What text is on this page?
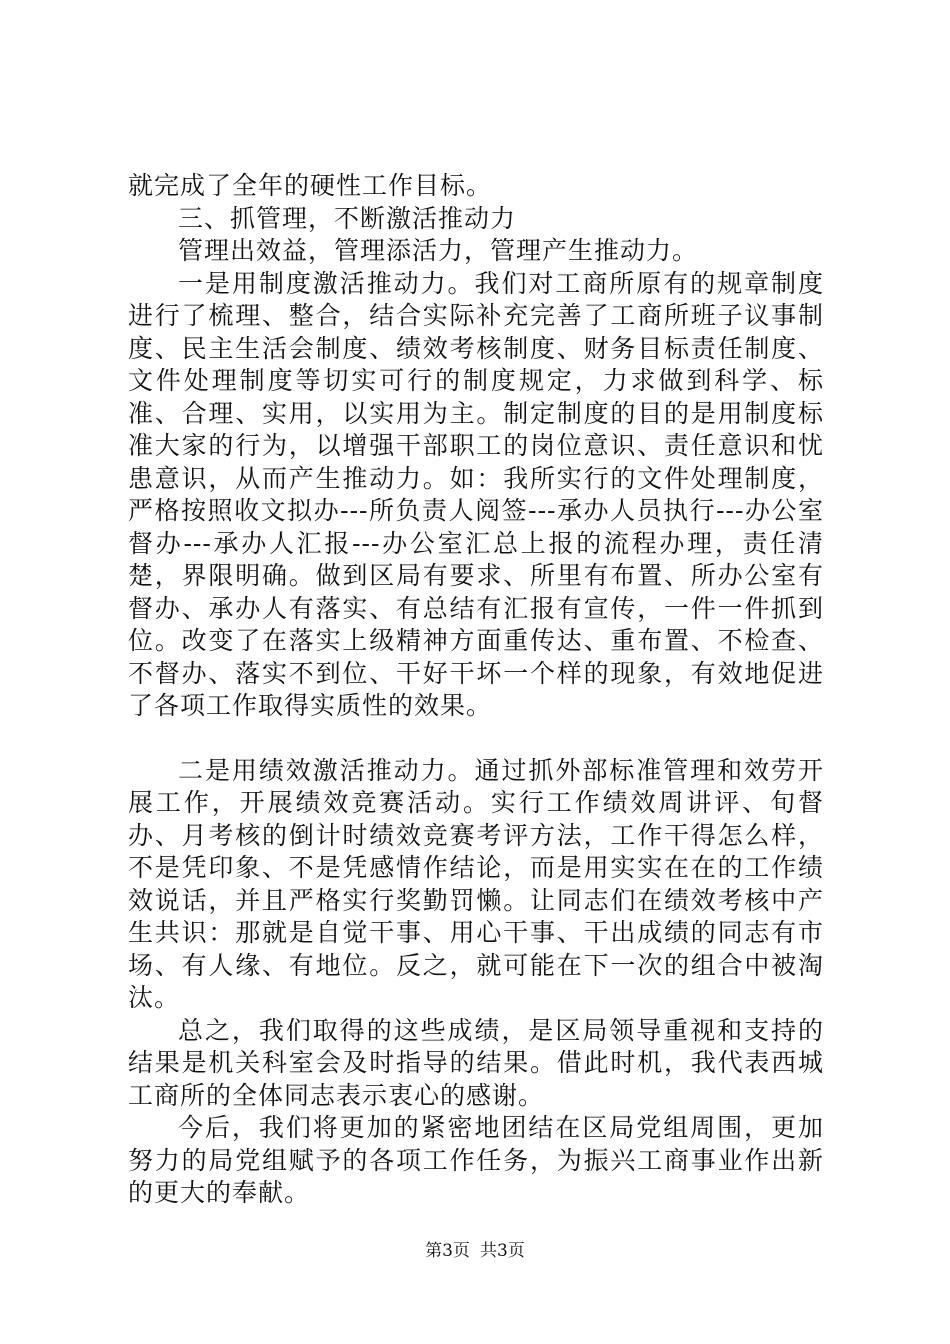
就完成了全年的硬性工作目标。

三、抓管理，不断激活推动力

管理出效益，管理添活力，管理产生推动力。

一是用制度激活推动力。我们对工商所原有的规章制度进行了梳理、整合，结合实际补充完善了工商所班子议事制度、民主生活会制度、绩效考核制度、财务目标责任制度、文件处理制度等切实可行的制度规定，力求做到科学、标准、合理、实用，以实用为主。制定制度的目的是用制度标准大家的行为，以增强干部职工的岗位意识、责任意识和忧患意识，从而产生推动力。如：我所实行的文件处理制度，严格按照收文拟办---所负责人阅签---承办人员执行---办公室督办---承办人汇报---办公室汇总上报的流程办理，责任清楚，界限明确。做到区局有要求、所里有布置、所办公室有督办、承办人有落实、有总结有汇报有宣传，一件一件抓到位。改变了在落实上级精神方面重传达、重布置、不检查、不督办、落实不到位、干好干坏一个样的现象，有效地促进了各项工作取得实质性的效果。

二是用绩效激活推动力。通过抓外部标准管理和效劳开展工作，开展绩效竞赛活动。实行工作绩效周讲评、旬督办、月考核的倒计时绩效竞赛考评方法，工作干得怎么样，不是凭印象、不是凭感情作结论，而是用实实在在的工作绩效说话，并且严格实行奖勤罚懒。让同志们在绩效考核中产生共识：那就是自觉干事、用心干事、干出成绩的同志有市场、有人缘、有地位。反之，就可能在下一次的组合中被淘汰。

总之，我们取得的这些成绩，是区局领导重视和支持的结果是机关科室会及时指导的结果。借此时机，我代表西城工商所的全体同志表示衷心的感谢。

今后，我们将更加的紧密地团结在区局党组周围，更加努力的局党组赋予的各项工作任务，为振兴工商事业作出新的更大的奉献。

第3页 共3页
